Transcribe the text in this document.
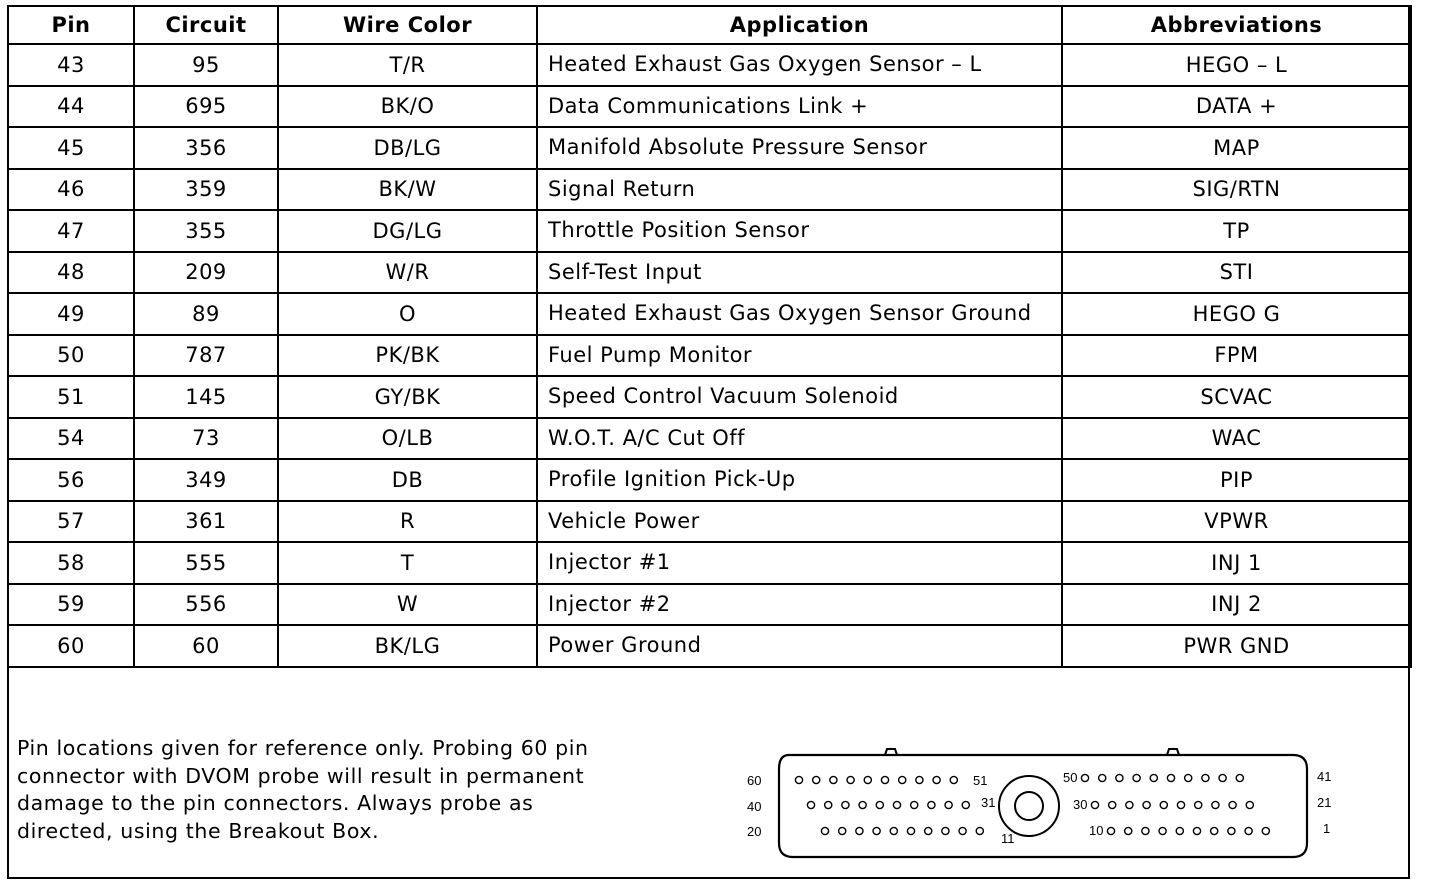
Pin	Circuit	Wire Color	Application	Abbreviations
43	95	T/R	Heated Exhaust Gas Oxygen Sensor – L	HEGO – L
44	695	BK/O	Data Communications Link +	DATA +
45	356	DB/LG	Manifold Absolute Pressure Sensor	MAP
46	359	BK/W	Signal Return	SIG/RTN
47	355	DG/LG	Throttle Position Sensor	TP
48	209	W/R	Self-Test Input	STI
49	89	O	Heated Exhaust Gas Oxygen Sensor Ground	HEGO G
50	787	PK/BK	Fuel Pump Monitor	FPM
51	145	GY/BK	Speed Control Vacuum Solenoid	SCVAC
54	73	O/LB	W.O.T. A/C Cut Off	WAC
56	349	DB	Profile Ignition Pick-Up	PIP
57	361	R	Vehicle Power	VPWR
58	555	T	Injector #1	INJ 1
59	556	W	Injector #2	INJ 2
60	60	BK/LG	Power Ground	PWR GND
Pin locations given for reference only. Probing 60 pin
connector with DVOM probe will result in permanent
damage to the pin connectors. Always probe as
directed, using the Breakout Box.
60
40
20
41
21
1
51
31
11
50
30
10
